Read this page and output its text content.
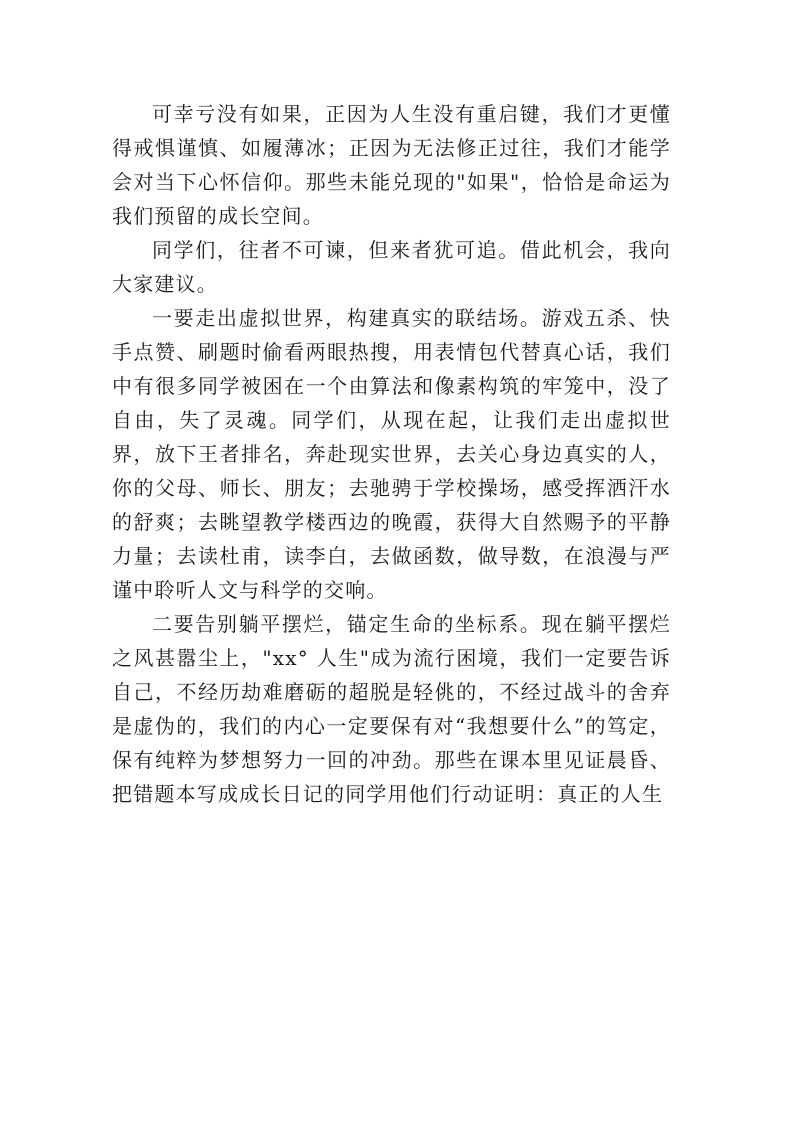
可幸亏没有如果，正因为人生没有重启键，我们才更懂得戒惧谨慎、如履薄冰；正因为无法修正过往，我们才能学会对当下心怀信仰。那些未能兑现的"如果"，恰恰是命运为我们预留的成长空间。

同学们，往者不可谏，但来者犹可追。借此机会，我向大家建议。

一要走出虚拟世界，构建真实的联结场。游戏五杀、快手点赞、刷题时偷看两眼热搜，用表情包代替真心话，我们中有很多同学被困在一个由算法和像素构筑的牢笼中，没了自由，失了灵魂。同学们，从现在起，让我们走出虚拟世界，放下王者排名，奔赴现实世界，去关心身边真实的人，你的父母、师长、朋友；去驰骋于学校操场，感受挥洒汗水的舒爽；去眺望教学楼西边的晚霞，获得大自然赐予的平静力量；去读杜甫，读李白，去做函数，做导数，在浪漫与严谨中聆听人文与科学的交响。

二要告别躺平摆烂，锚定生命的坐标系。现在躺平摆烂之风甚嚣尘上，"xx° 人生"成为流行困境，我们一定要告诉自己，不经历劫难磨砺的超脱是轻佻的，不经过战斗的舍弃是虚伪的，我们的内心一定要保有对“我想要什么”的笃定，保有纯粹为梦想努力一回的冲劲。那些在课本里见证晨昏、把错题本写成成长日记的同学用他们行动证明：真正的人生
